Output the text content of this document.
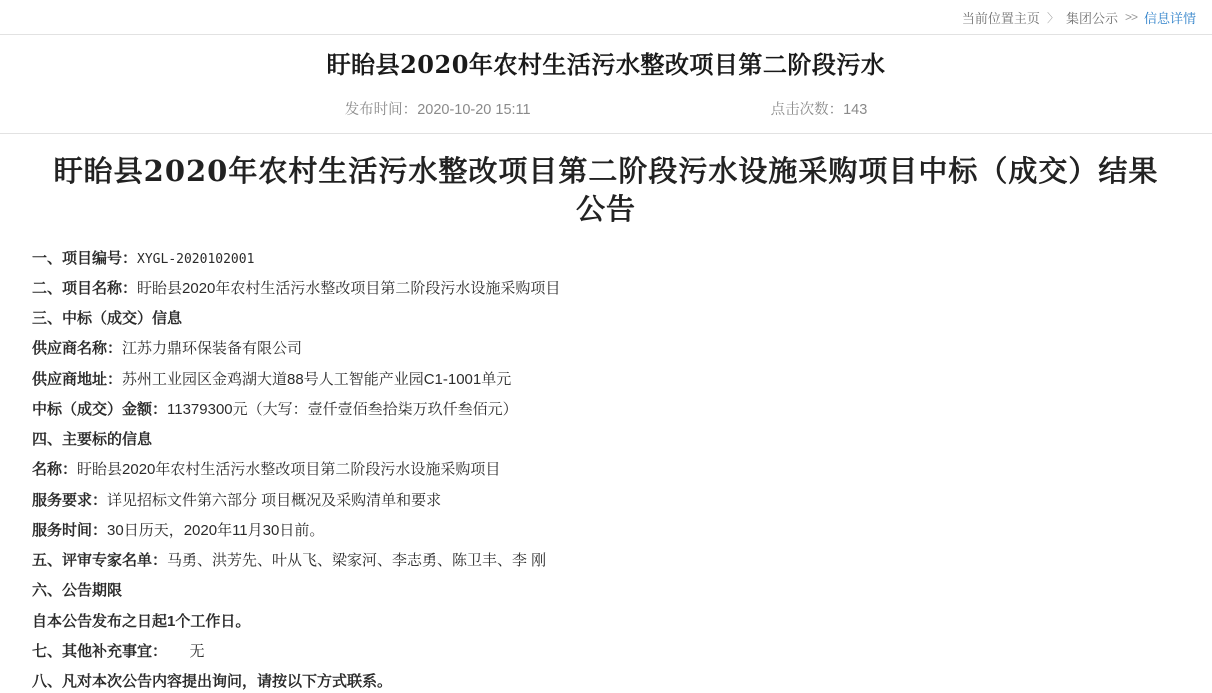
当前位置 主页 〉 集团公示 >> 信息详情
盱眙县2020年农村生活污水整改项目第二阶段污水
发布时间：2020-10-20 15:11	点击次数：143
盱眙县2020年农村生活污水整改项目第二阶段污水设施采购项目中标（成交）结果公告
一、项目编号：XYGL-2020102001
二、项目名称：盱眙县2020年农村生活污水整改项目第二阶段污水设施采购项目
三、中标（成交）信息
供应商名称：江苏力鼎环保装备有限公司
供应商地址：苏州工业园区金鸡湖大道88号人工智能产业园C1-1001单元
中标（成交）金额：11379300元（大写：壹仟壹佰叁拾柒万玖仟叁佰元）
四、主要标的信息
名称：盱眙县2020年农村生活污水整改项目第二阶段污水设施采购项目
服务要求：详见招标文件第六部分 项目概况及采购清单和要求
服务时间：30日历天，2020年11月30日前。
五、评审专家名单：马勇、洪芳先、叶从飞、梁家河、李志勇、陈卫丰、李 刚
六、公告期限
自本公告发布之日起1个工作日。
七、其他补充事宜：　　无
八、凡对本次公告内容提出询问，请按以下方式联系。
